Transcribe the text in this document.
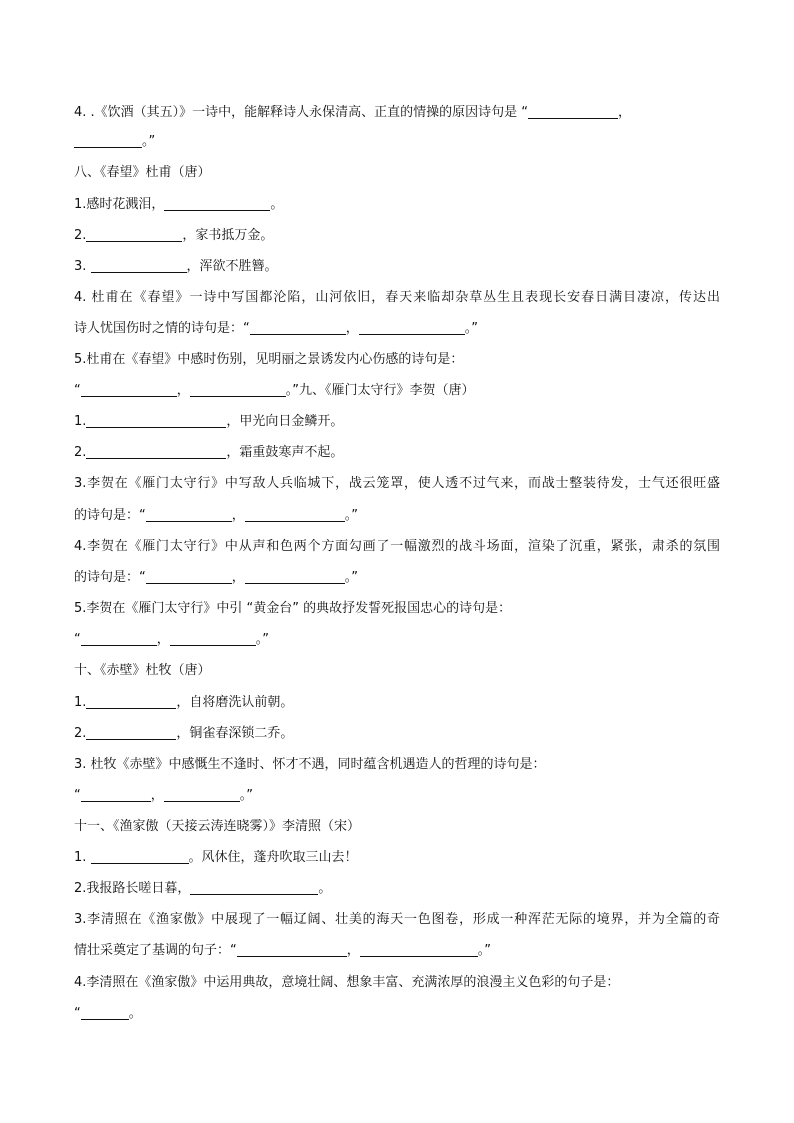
4. .《饮酒（其五）》一诗中，能解释诗人永保清高、正直的情操的原因诗句是 “	，
。”
八、《春望》杜甫（唐）
1.感时花溅泪，	。
2.	，家书抵万金。
3.	，浑欲不胜簪。
4. 杜甫在《春望》一诗中写国都沦陷，山河依旧，春天来临却杂草丛生且表现长安春日满目凄凉，传达出
诗人忧国伤时之情的诗句是：“	，	。”
5.杜甫在《春望》中感时伤别，见明丽之景诱发内心伤感的诗句是：
“	，	。”九、《雁门太守行》李贺（唐）
1.	，甲光向日金鳞开。
2.	，霜重鼓寒声不起。
3.李贺在《雁门太守行》中写敌人兵临城下，战云笼罩，使人透不过气来，而战士整装待发，士气还很旺盛
的诗句是：“	，	。”
4.李贺在《雁门太守行》中从声和色两个方面勾画了一幅激烈的战斗场面，渲染了沉重，紧张，肃杀的氛围
的诗句是：“	，	。”
5.李贺在《雁门太守行》中引 “黄金台” 的典故抒发誓死报国忠心的诗句是：
“	，	。”
十、《赤壁》杜牧（唐）
1.	，自将磨洗认前朝。
2.	，铜雀春深锁二乔。
3. 杜牧《赤壁》中感慨生不逢时、怀才不遇，同时蕴含机遇造人的哲理的诗句是：
“	，	。”
十一、《渔家傲（天接云涛连晓雾）》李清照（宋）
1.	。风休住，蓬舟吹取三山去！
2.我报路长嗟日暮，	。
3.李清照在《渔家傲》中展现了一幅辽阔、壮美的海天一色图卷，形成一种浑茫无际的境界，并为全篇的奇
情壮采奠定了基调的句子：“	，	。”
4.李清照在《渔家傲》中运用典故，意境壮阔、想象丰富、充满浓厚的浪漫主义色彩的句子是：
“	。
